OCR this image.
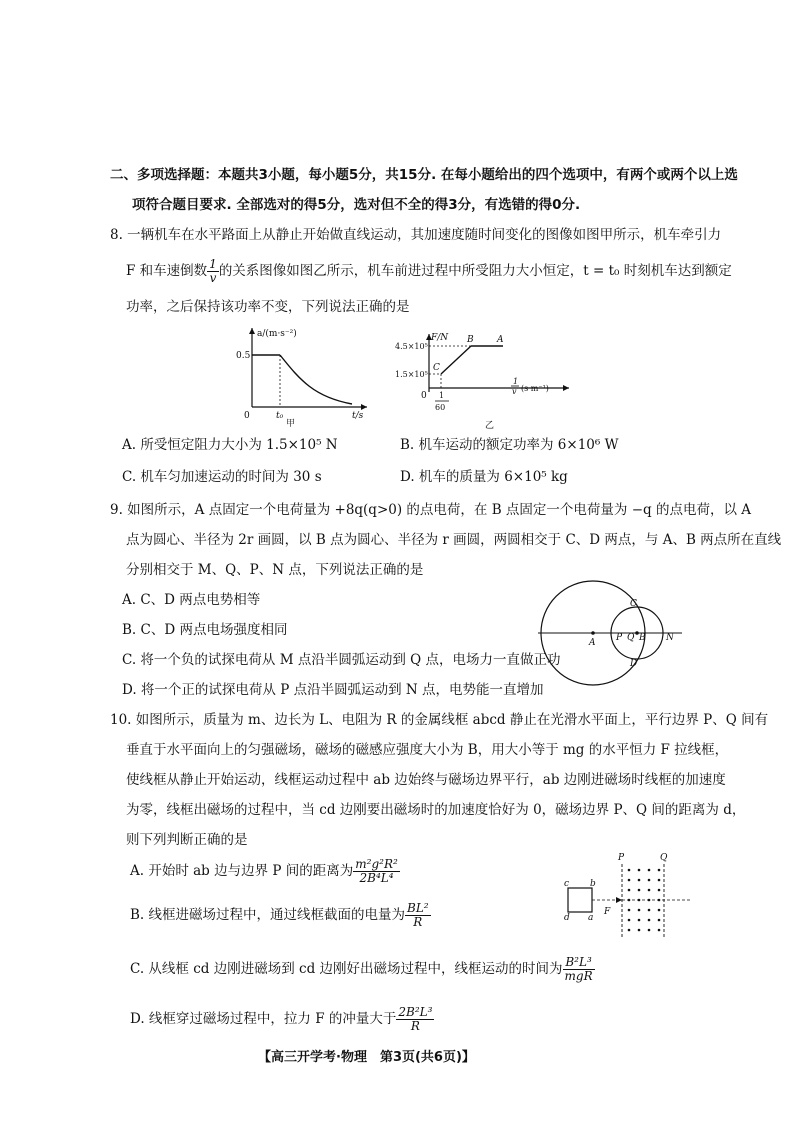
二、多项选择题：本题共3小题，每小题5分，共15分. 在每小题给出的四个选项中，有两个或两个以上选
项符合题目要求. 全部选对的得5分，选对但不全的得3分，有选错的得0分.
8. 一辆机车在水平路面上从静止开始做直线运动，其加速度随时间变化的图像如图甲所示，机车牵引力
F 和车速倒数 $\frac{1}{v}$ 的关系图像如图乙所示，机车前进过程中所受阻力大小恒定，t = t₀ 时刻机车达到额定
功率，之后保持该功率不变，下列说法正确的是
a/(m·s⁻²)
0.5
0	t₀	t/s
甲
F/N
4.5×10⁵
1.5×10⁵
0 1
60
1
v (s·m⁻¹)
A
B
C
乙
A. 所受恒定阻力大小为 1.5×10⁵ N	B. 机车运动的额定功率为 6×10⁶ W
C. 机车匀加速运动的时间为 30 s	D. 机车的质量为 6×10⁵ kg
9. 如图所示，A 点固定一个电荷量为 +8q(q>0) 的点电荷，在 B 点固定一个电荷量为 −q 的点电荷，以 A
点为圆心、半径为 2r 画圆，以 B 点为圆心、半径为 r 画圆，两圆相交于 C、D 两点，与 A、B 两点所在直线
分别相交于 M、Q、P、N 点，下列说法正确的是
A. C、D 两点电势相等
B. C、D 两点电场强度相同
C. 将一个负的试探电荷从 M 点沿半圆弧运动到 Q 点，电场力一直做正功
D. 将一个正的试探电荷从 P 点沿半圆弧运动到 N 点，电势能一直增加
A	B
C
D
P Q	N
10. 如图所示，质量为 m、边长为 L、电阻为 R 的金属线框 abcd 静止在光滑水平面上，平行边界 P、Q 间有
垂直于水平面向上的匀强磁场，磁场的磁感应强度大小为 B，用大小等于 mg 的水平恒力 F 拉线框，
使线框从静止开始运动，线框运动过程中 ab 边始终与磁场边界平行，ab 边刚进磁场时线框的加速度
为零，线框出磁场的过程中，当 cd 边刚要出磁场时的加速度恰好为 0，磁场边界 P、Q 间的距离为 d，
则下列判断正确的是
A. 开始时 ab 边与边界 P 间的距离为 $\frac{\text{m²g²R²}}{\text{2B⁴L⁴}}$
B. 线框进磁场过程中，通过线框截面的电量为 $\frac{\text{BL²}}{R}$
C. 从线框 cd 边刚进磁场到 cd 边刚好出磁场过程中，线框运动的时间为 $\frac{\text{B²L³}}{\text{mgR}}$
D. 线框穿过磁场过程中，拉力 F 的冲量大于 $\frac{\text{2B²L³}}{R}$
P	Q
c b
d a
F
【高三开学考·物理　第3页(共6页)】
